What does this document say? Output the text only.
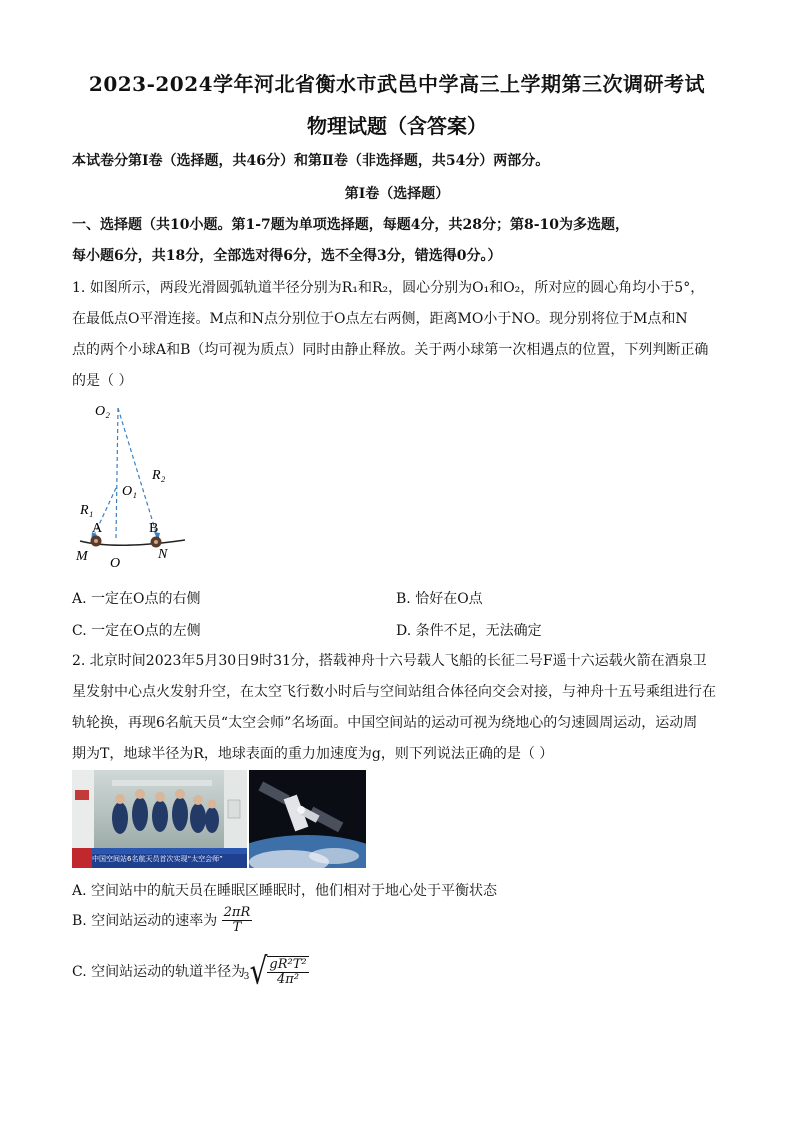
2023-2024学年河北省衡水市武邑中学高三上学期第三次调研考试
物理试题（含答案）
本试卷分第Ⅰ卷（选择题，共46分）和第Ⅱ卷（非选择题，共54分）两部分。
第Ⅰ卷（选择题）
一、选择题（共10小题。第1-7题为单项选择题，每题4分，共28分；第8-10为多选题，
每小题6分，共18分，全部选对得6分，选不全得3分，错选得0分。）
1. 如图所示，两段光滑圆弧轨道半径分别为R₁和R₂，圆心分别为O₁和O₂，所对应的圆心角均小于5°，
在最低点O平滑连接。M点和N点分别位于O点左右两侧，距离MO小于NO。现分别将位于M点和N
点的两个小球A和B（均可视为质点）同时由静止释放。关于两小球第一次相遇点的位置，下列判断正确
的是（ ）
O₂
O₁
R₁
R₂
A	B
M O
N
A. 一定在O点的右侧	B. 恰好在O点
C. 一定在O点的左侧	D. 条件不足，无法确定
2. 北京时间2023年5月30日9时31分，搭载神舟十六号载人飞船的长征二号F遥十六运载火箭在酒泉卫
星发射中心点火发射升空，在太空飞行数小时后与空间站组合体径向交会对接，与神舟十五号乘组进行在
轨轮换，再现6名航天员“太空会师”名场面。中国空间站的运动可视为绕地心的匀速圆周运动，运动周
期为T，地球半径为R，地球表面的重力加速度为g，则下列说法正确的是（ ）
中国空间站6名航天员首次实现“太空会师”
A. 空间站中的航天员在睡眠区睡眠时，他们相对于地心处于平衡状态
B. 空间站运动的速率为 $\frac{2\pi R}{T}$
C. 空间站运动的轨道半径为
3 √ $\frac{\text{gR²T²}}{\text{4π²}}$
